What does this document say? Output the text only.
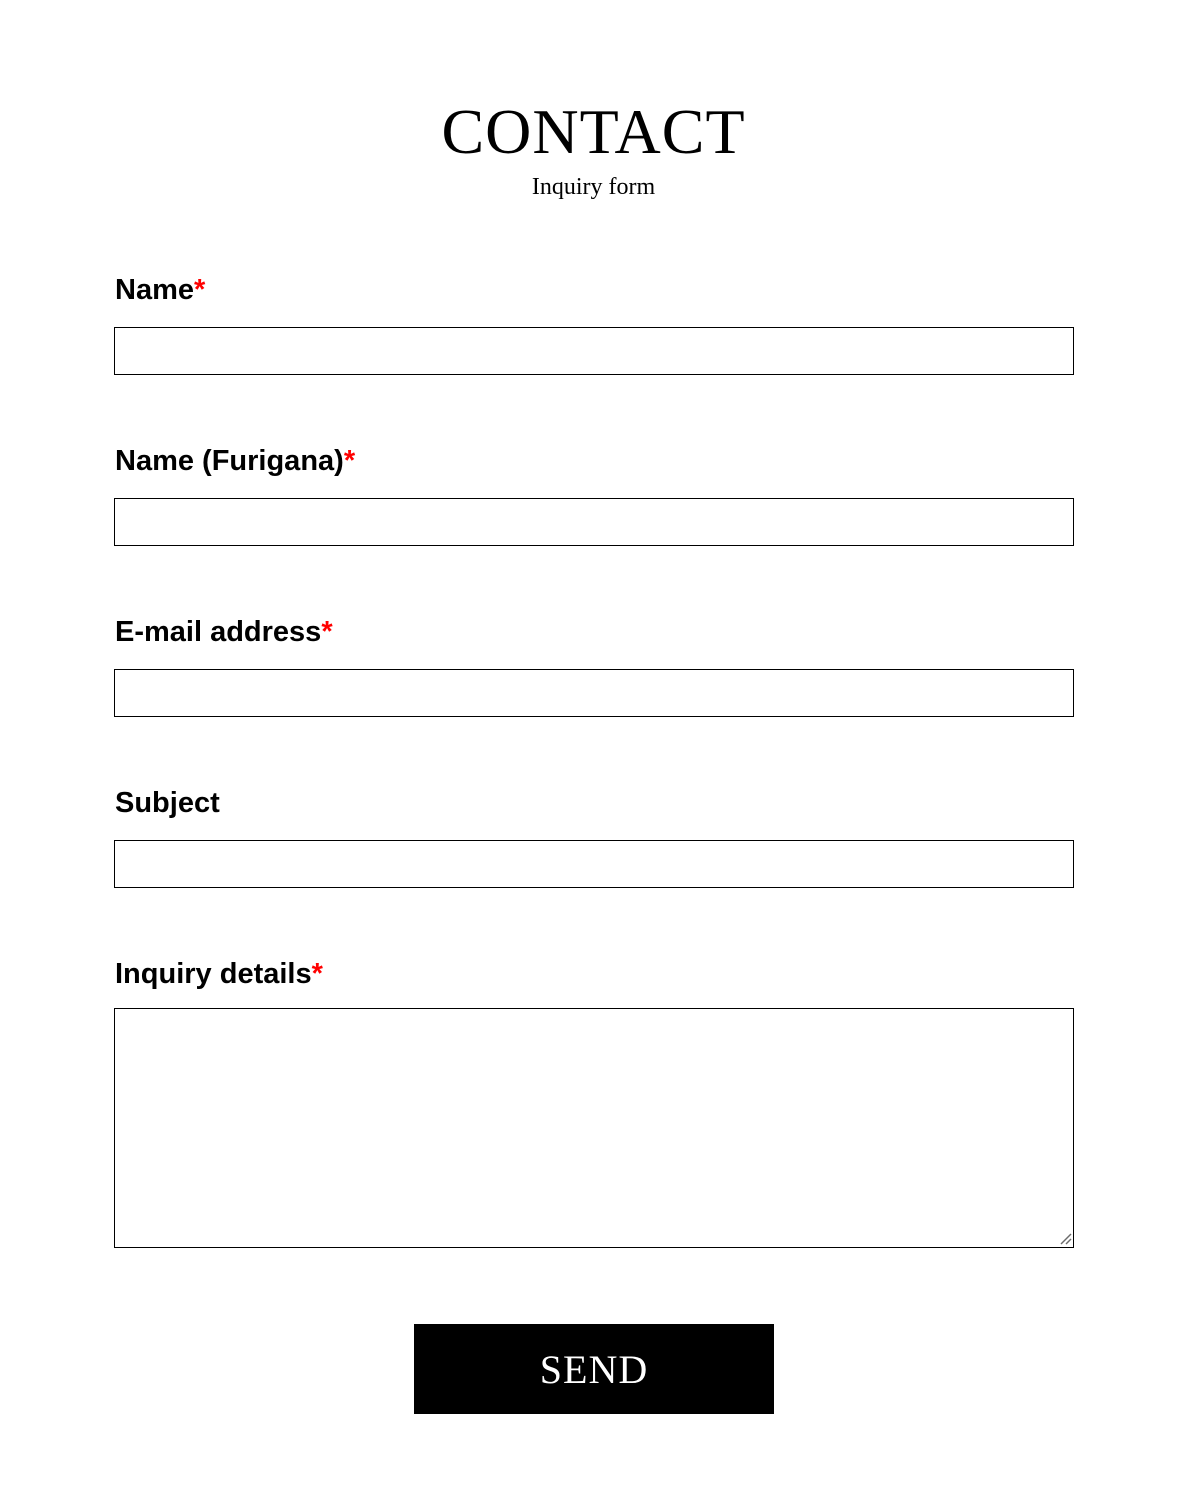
CONTACT

Inquiry form

Name*
Name (Furigana)*
E-mail address*
Subject
Inquiry details*
SEND
